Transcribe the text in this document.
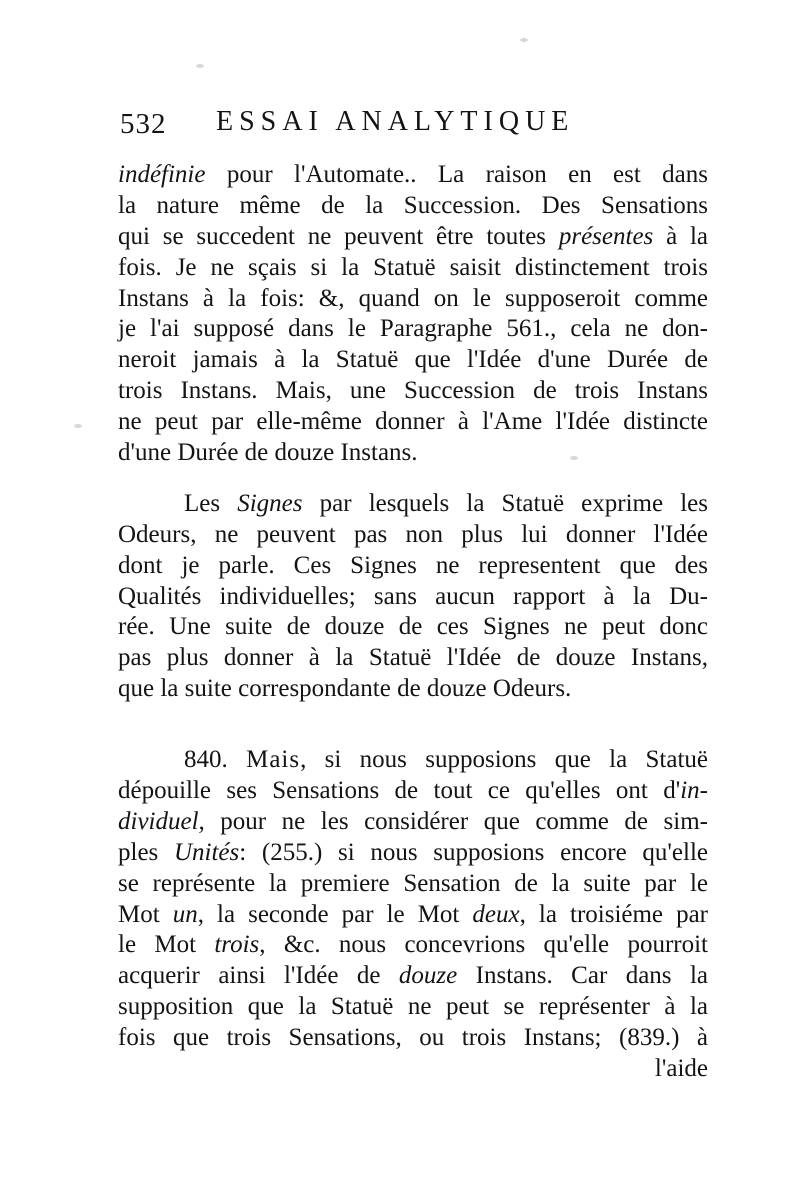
532 ESSAI ANALYTIQUE
indéfinie pour l'Automate.. La raison en est dans
la nature même de la Succession. Des Sensations
qui se succedent ne peuvent être toutes présentes à la
fois. Je ne sçais si la Statuë saisit distinctement trois
Instans à la fois: &, quand on le supposeroit comme
je l'ai supposé dans le Paragraphe 561., cela ne don-
neroit jamais à la Statuë que l'Idée d'une Durée de
trois Instans. Mais, une Succession de trois Instans
ne peut par elle-même donner à l'Ame l'Idée distincte
d'une Durée de douze Instans.
Les Signes par lesquels la Statuë exprime les
Odeurs, ne peuvent pas non plus lui donner l'Idée
dont je parle. Ces Signes ne representent que des
Qualités individuelles; sans aucun rapport à la Du-
rée. Une suite de douze de ces Signes ne peut donc
pas plus donner à la Statuë l'Idée de douze Instans,
que la suite correspondante de douze Odeurs.
840. Mais, si nous supposions que la Statuë
dépouille ses Sensations de tout ce qu'elles ont d'in-
dividuel, pour ne les considérer que comme de sim-
ples Unités: (255.) si nous supposions encore qu'elle
se représente la premiere Sensation de la suite par le
Mot un, la seconde par le Mot deux, la troisiéme par
le Mot trois, &c. nous concevrions qu'elle pourroit
acquerir ainsi l'Idée de douze Instans. Car dans la
supposition que la Statuë ne peut se représenter à la
fois que trois Sensations, ou trois Instans; (839.) à
l'aide
